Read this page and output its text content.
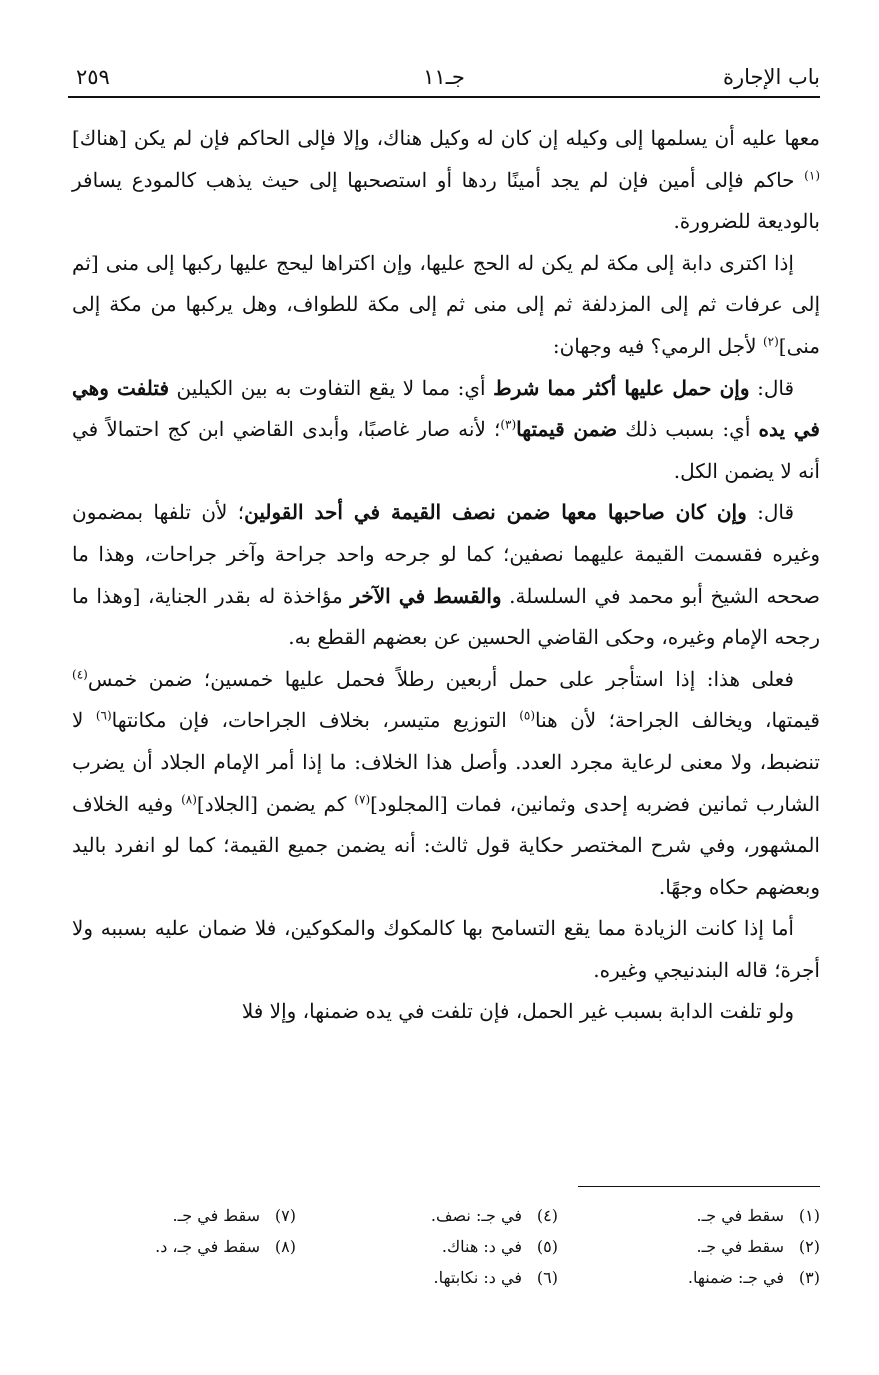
باب الإجارة
جـ١١
٢٥٩

معها عليه أن يسلمها إلى وكيله إن كان له وكيل هناك، وإلا فإلى الحاكم فإن لم يكن [هناك]$^{(١)}$ حاكم فإلى أمين فإن لم يجد أمينًا ردها أو استصحبها إلى حيث يذهب كالمودع يسافر بالوديعة للضرورة.

إذا اكترى دابة إلى مكة لم يكن له الحج عليها، وإن اكتراها ليحج عليها ركبها إلى منى [ثم إلى عرفات ثم إلى المزدلفة ثم إلى منى ثم إلى مكة للطواف، وهل يركبها من مكة إلى منى]$^{(٢)}$ لأجل الرمي؟ فيه وجهان:

قال: وإن حمل عليها أكثر مما شرط أي: مما لا يقع التفاوت به بين الكيلين فتلفت وهي في يده أي: بسبب ذلك ضمن قيمتها$^{(٣)}$؛ لأنه صار غاصبًا، وأبدى القاضي ابن كج احتمالاً في أنه لا يضمن الكل.

قال: وإن كان صاحبها معها ضمن نصف القيمة في أحد القولين؛ لأن تلفها بمضمون وغيره فقسمت القيمة عليهما نصفين؛ كما لو جرحه واحد جراحة وآخر جراحات، وهذا ما صححه الشيخ أبو محمد في السلسلة. والقسط في الآخر مؤاخذة له بقدر الجناية، [وهذا ما رجحه الإمام وغيره، وحكى القاضي الحسين عن بعضهم القطع به.

فعلى هذا: إذا استأجر على حمل أربعين رطلاً فحمل عليها خمسين؛ ضمن خمس$^{(٤)}$ قيمتها، ويخالف الجراحة؛ لأن هنا$^{(٥)}$ التوزيع متيسر، بخلاف الجراحات، فإن مكانتها$^{(٦)}$ لا تنضبط، ولا معنى لرعاية مجرد العدد. وأصل هذا الخلاف: ما إذا أمر الإمام الجلاد أن يضرب الشارب ثمانين فضربه إحدى وثمانين، فمات [المجلود]$^{(٧)}$ كم يضمن [الجلاد]$^{(٨)}$ وفيه الخلاف المشهور، وفي شرح المختصر حكاية قول ثالث: أنه يضمن جميع القيمة؛ كما لو انفرد باليد وبعضهم حكاه وجهًا.

أما إذا كانت الزيادة مما يقع التسامح بها كالمكوك والمكوكين، فلا ضمان عليه بسببه ولا أجرة؛ قاله البندنيجي وغيره.

ولو تلفت الدابة بسبب غير الحمل، فإن تلفت في يده ضمنها، وإلا فلا

(١)سقط في جـ.
(٢)سقط في جـ.
(٣)في جـ: ضمنها.
(٤)في جـ: نصف.
(٥)في د: هناك.
(٦)في د: نكابتها.
(٧)سقط في جـ.
(٨)سقط في جـ، د.
